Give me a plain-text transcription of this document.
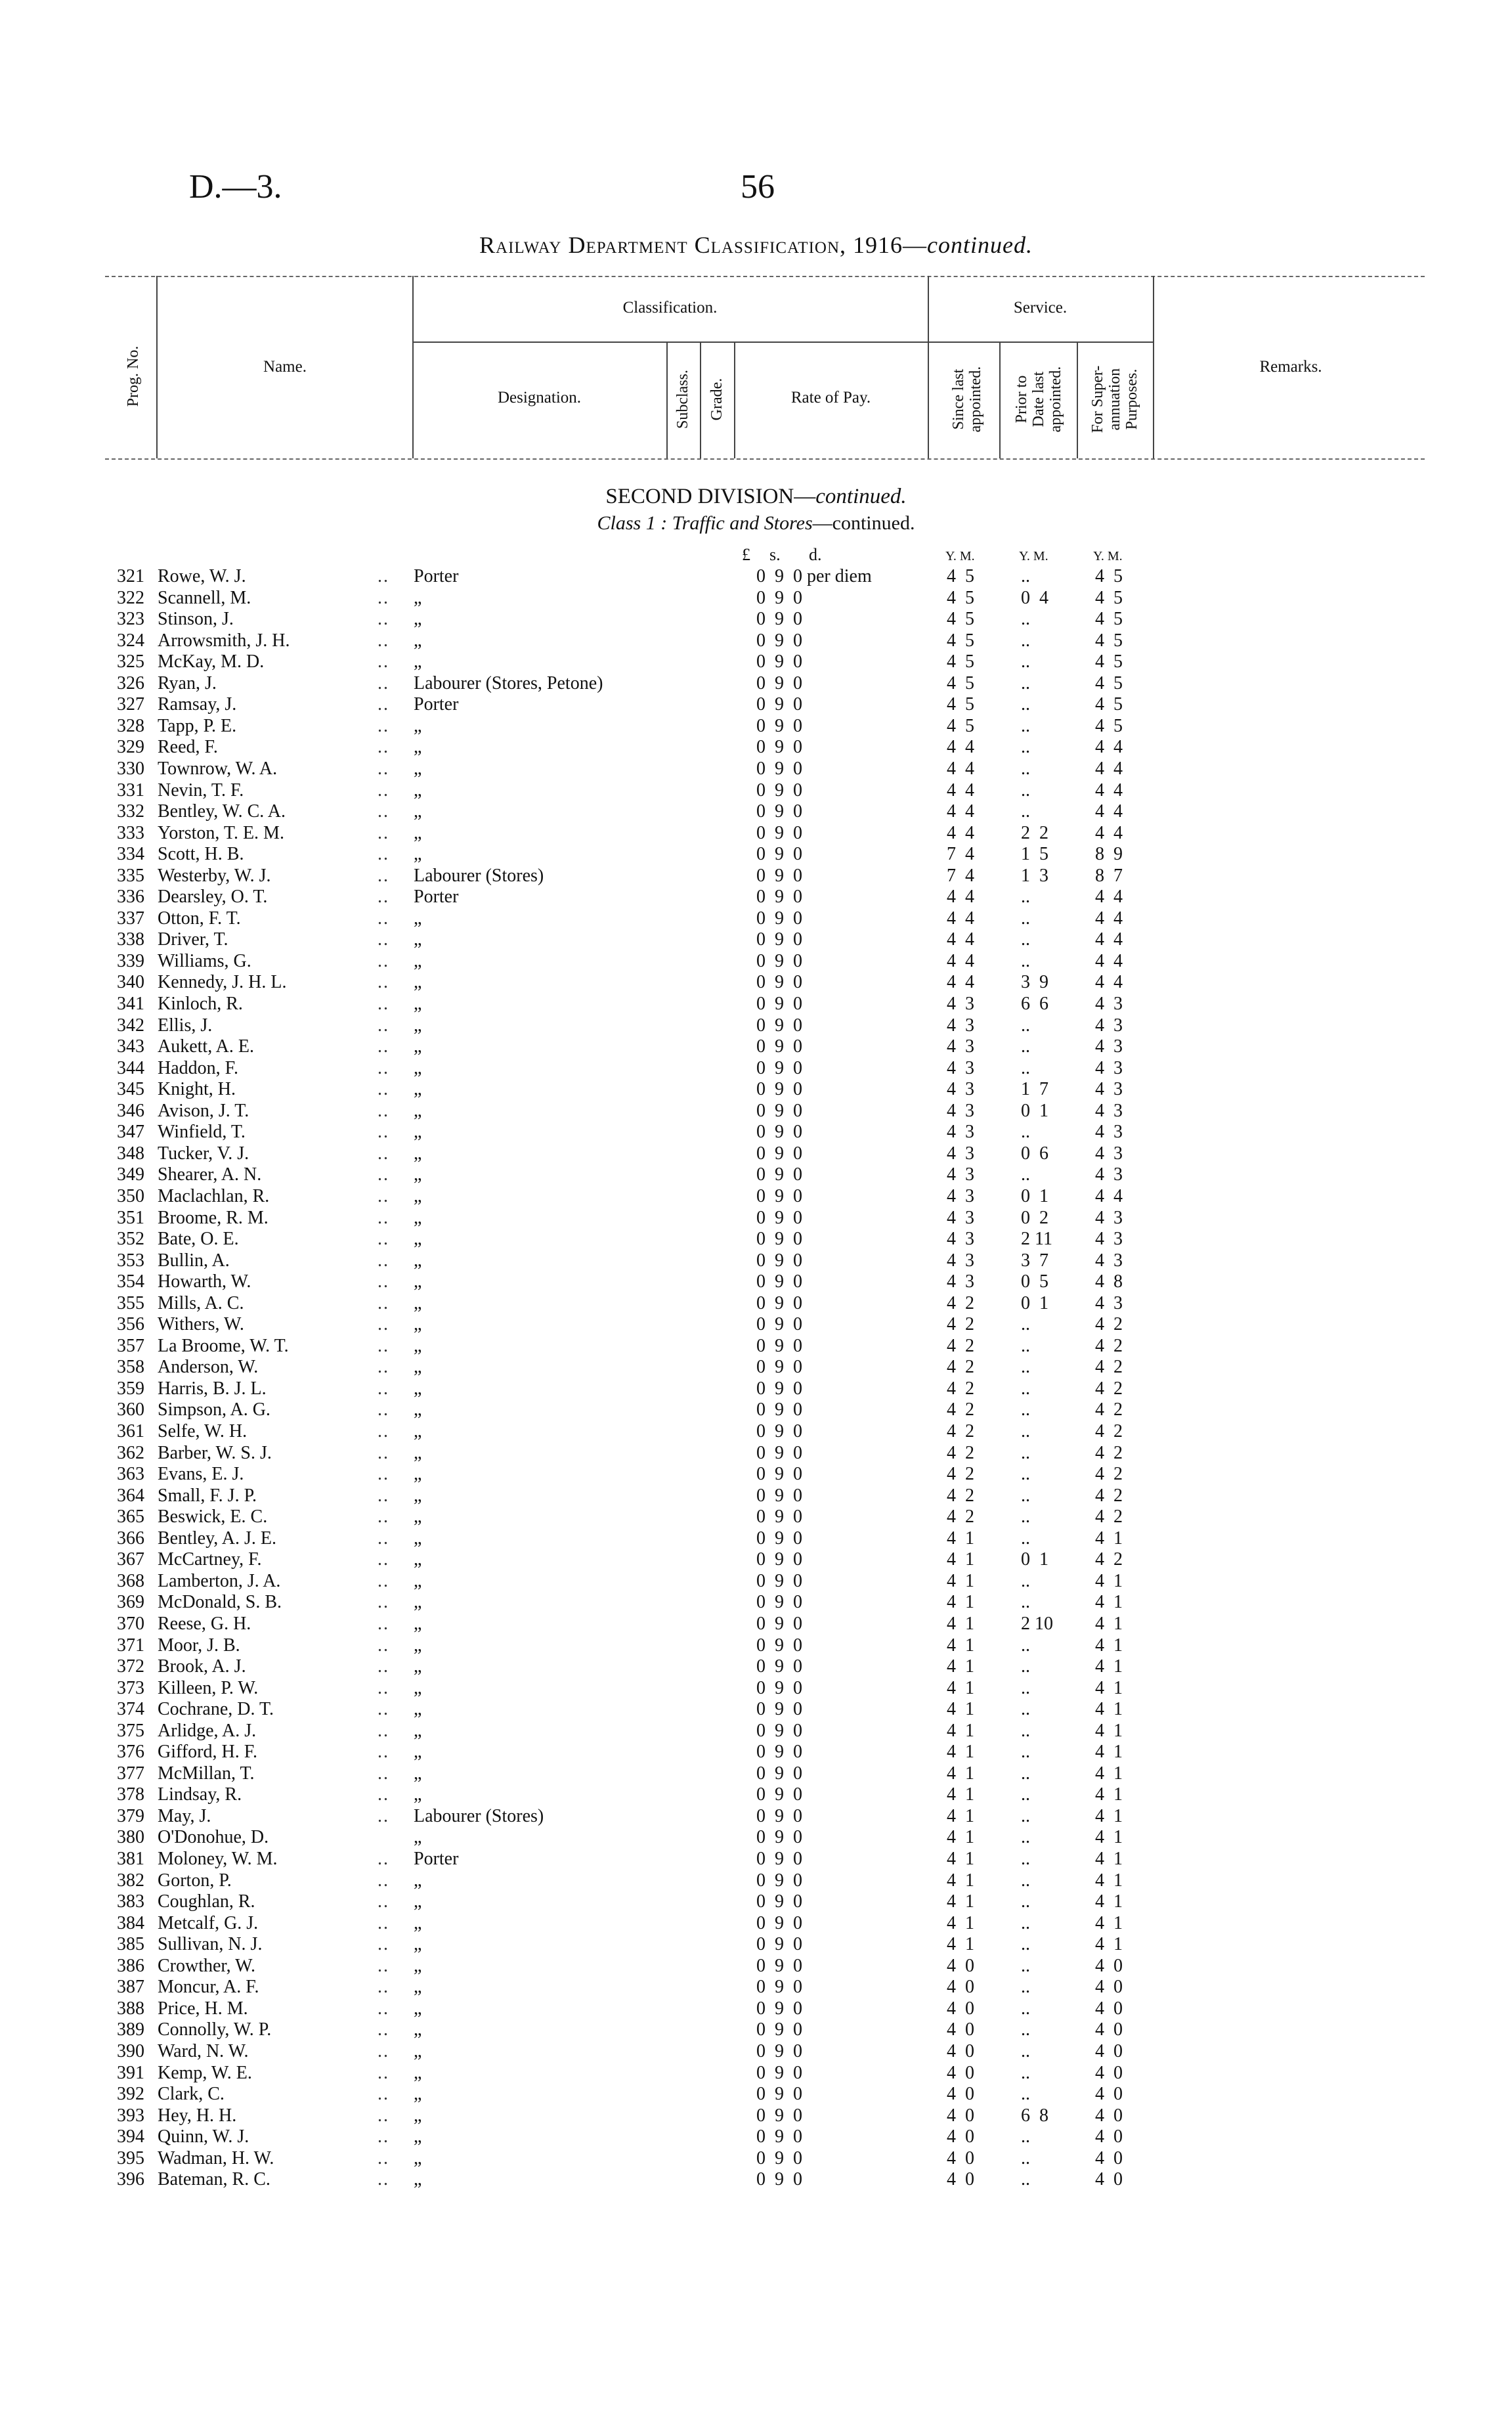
D.—3.	56
Railway Department Classification, 1916—continued.
Prog. No.	Name.
Classification.
Designation.	Subclass. Grade.	Rate of Pay.
Service.
Since last appointed. Prior to Date last appointed. For Super- annuation Purposes.
Remarks.
SECOND DIVISION—continued.
Class 1 : Traffic and Stores—continued.
£ s. d.	Y. M.	Y. M.	Y. M.
321 Rowe, W. J.	.. Porter	0  9  0 per diem	4  5	..	4  5
322 Scannell, M.	.. „	0  9  0	4  5	0  4	4  5
323 Stinson, J.	.. „	0  9  0	4  5	..	4  5
324 Arrowsmith, J. H.	.. „	0  9  0	4  5	..	4  5
325 McKay, M. D.	.. „	0  9  0	4  5	..	4  5
326 Ryan, J.	.. Labourer (Stores, Petone)	0  9  0	4  5	..	4  5
327 Ramsay, J.	.. Porter	0  9  0	4  5	..	4  5
328 Tapp, P. E.	.. „	0  9  0	4  5	..	4  5
329 Reed, F.	.. „	0  9  0	4  4	..	4  4
330 Townrow, W. A.	.. „	0  9  0	4  4	..	4  4
331 Nevin, T. F.	.. „	0  9  0	4  4	..	4  4
332 Bentley, W. C. A.	.. „	0  9  0	4  4	..	4  4
333 Yorston, T. E. M.	.. „	0  9  0	4  4	2  2	4  4
334 Scott, H. B.	.. „	0  9  0	7  4	1  5	8  9
335 Westerby, W. J.	.. Labourer (Stores)	0  9  0	7  4	1  3	8  7
336 Dearsley, O. T.	.. Porter	0  9  0	4  4	..	4  4
337 Otton, F. T.	.. „	0  9  0	4  4	..	4  4
338 Driver, T.	.. „	0  9  0	4  4	..	4  4
339 Williams, G.	.. „	0  9  0	4  4	..	4  4
340 Kennedy, J. H. L.	.. „	0  9  0	4  4	3  9	4  4
341 Kinloch, R.	.. „	0  9  0	4  3	6  6	4  3
342 Ellis, J.	.. „	0  9  0	4  3	..	4  3
343 Aukett, A. E.	.. „	0  9  0	4  3	..	4  3
344 Haddon, F.	.. „	0  9  0	4  3	..	4  3
345 Knight, H.	.. „	0  9  0	4  3	1  7	4  3
346 Avison, J. T.	.. „	0  9  0	4  3	0  1	4  3
347 Winfield, T.	.. „	0  9  0	4  3	..	4  3
348 Tucker, V. J.	.. „	0  9  0	4  3	0  6	4  3
349 Shearer, A. N.	.. „	0  9  0	4  3	..	4  3
350 Maclachlan, R.	.. „	0  9  0	4  3	0  1	4  4
351 Broome, R. M.	.. „	0  9  0	4  3	0  2	4  3
352 Bate, O. E.	.. „	0  9  0	4  3	2 11 4  3
353 Bullin, A.	.. „	0  9  0	4  3	3  7	4  3
354 Howarth, W.	.. „	0  9  0	4  3	0  5	4  8
355 Mills, A. C.	.. „	0  9  0	4  2	0  1	4  3
356 Withers, W.	.. „	0  9  0	4  2	..	4  2
357 La Broome, W. T.	.. „	0  9  0	4  2	..	4  2
358 Anderson, W.	.. „	0  9  0	4  2	..	4  2
359 Harris, B. J. L.	.. „	0  9  0	4  2	..	4  2
360 Simpson, A. G.	.. „	0  9  0	4  2	..	4  2
361 Selfe, W. H.	.. „	0  9  0	4  2	..	4  2
362 Barber, W. S. J.	.. „	0  9  0	4  2	..	4  2
363 Evans, E. J.	.. „	0  9  0	4  2	..	4  2
364 Small, F. J. P.	.. „	0  9  0	4  2	..	4  2
365 Beswick, E. C.	.. „	0  9  0	4  2	..	4  2
366 Bentley, A. J. E.	.. „	0  9  0	4  1	..	4  1
367 McCartney, F.	.. „	0  9  0	4  1	0  1	4  2
368 Lamberton, J. A.	.. „	0  9  0	4  1	..	4  1
369 McDonald, S. B.	.. „	0  9  0	4  1	..	4  1
370 Reese, G. H.	.. „	0  9  0	4  1	2 10 4  1
371 Moor, J. B.	.. „	0  9  0	4  1	..	4  1
372 Brook, A. J.	.. „	0  9  0	4  1	..	4  1
373 Killeen, P. W.	.. „	0  9  0	4  1	..	4  1
374 Cochrane, D. T.	.. „	0  9  0	4  1	..	4  1
375 Arlidge, A. J.	.. „	0  9  0	4  1	..	4  1
376 Gifford, H. F.	.. „	0  9  0	4  1	..	4  1
377 McMillan, T.	.. „	0  9  0	4  1	..	4  1
378 Lindsay, R.	.. „	0  9  0	4  1	..	4  1
379 May, J.	.. Labourer (Stores)	0  9  0	4  1	..	4  1
380 O'Donohue, D.	„	0  9  0	4  1	..	4  1
381 Moloney, W. M.	.. Porter	0  9  0	4  1	..	4  1
382 Gorton, P.	.. „	0  9  0	4  1	..	4  1
383 Coughlan, R.	.. „	0  9  0	4  1	..	4  1
384 Metcalf, G. J.	.. „	0  9  0	4  1	..	4  1
385 Sullivan, N. J.	.. „	0  9  0	4  1	..	4  1
386 Crowther, W.	.. „	0  9  0	4  0	..	4  0
387 Moncur, A. F.	.. „	0  9  0	4  0	..	4  0
388 Price, H. M.	.. „	0  9  0	4  0	..	4  0
389 Connolly, W. P.	.. „	0  9  0	4  0	..	4  0
390 Ward, N. W.	.. „	0  9  0	4  0	..	4  0
391 Kemp, W. E.	.. „	0  9  0	4  0	..	4  0
392 Clark, C.	.. „	0  9  0	4  0	..	4  0
393 Hey, H. H.	.. „	0  9  0	4  0	6  8	4  0
394 Quinn, W. J.	.. „	0  9  0	4  0	..	4  0
395 Wadman, H. W.	.. „	0  9  0	4  0	..	4  0
396 Bateman, R. C.	.. „	0  9  0	4  0	..	4  0
